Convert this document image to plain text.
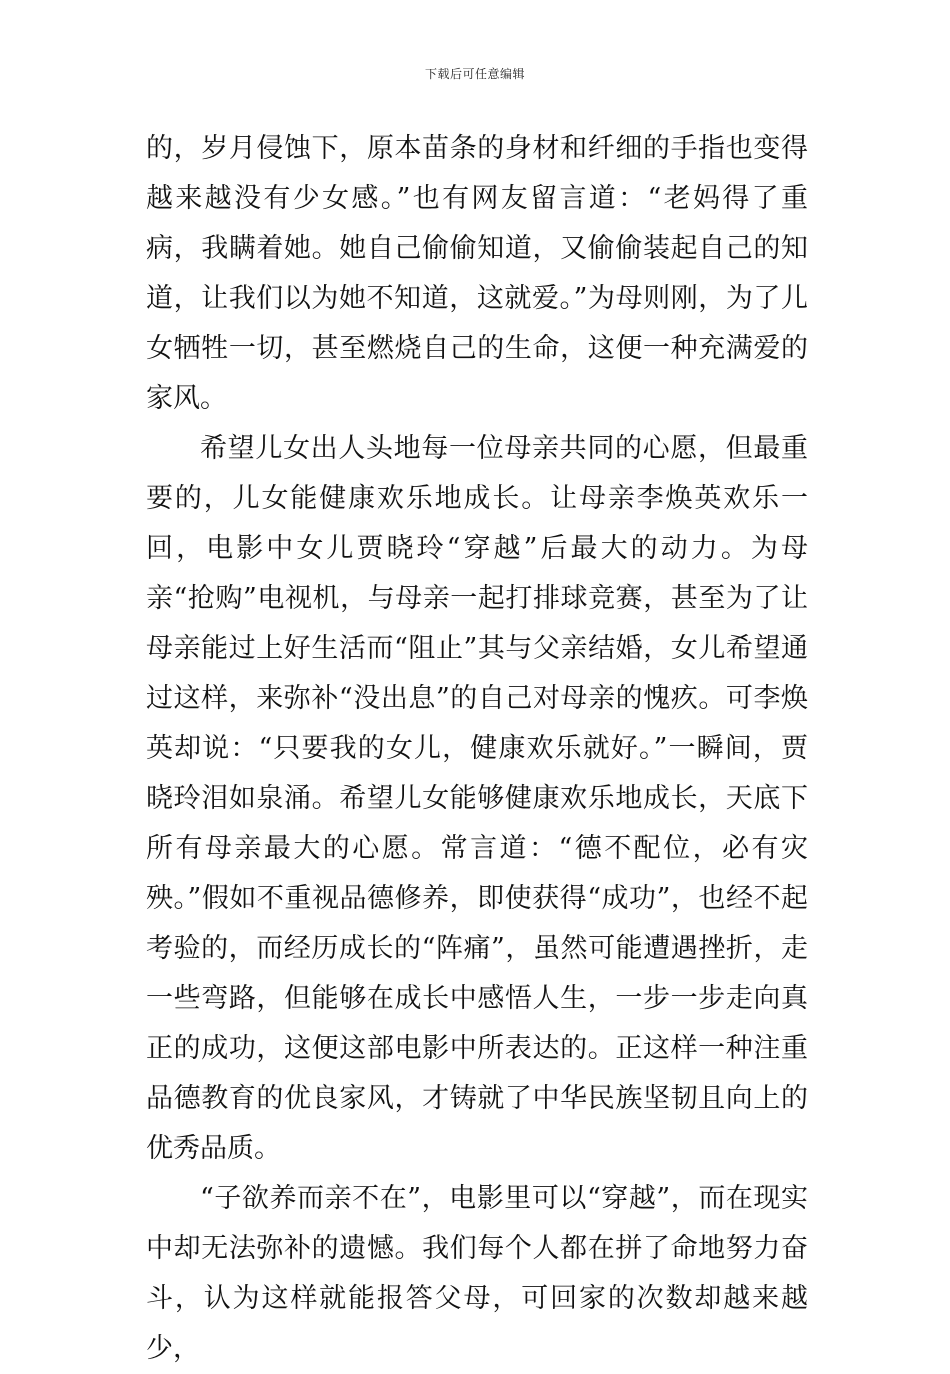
下载后可任意编辑

的，岁月侵蚀下，原本苗条的身材和纤细的手指也变得越来越没有少女感。”也有网友留言道：“老妈得了重病，我瞒着她。她自己偷偷知道，又偷偷装起自己的知道，让我们以为她不知道，这就爱。”为母则刚，为了儿女牺牲一切，甚至燃烧自己的生命，这便一种充满爱的家风。

希望儿女出人头地每一位母亲共同的心愿，但最重要的，儿女能健康欢乐地成长。让母亲李焕英欢乐一回，电影中女儿贾晓玲“穿越”后最大的动力。为母亲“抢购”电视机，与母亲一起打排球竞赛，甚至为了让母亲能过上好生活而“阻止”其与父亲结婚，女儿希望通过这样，来弥补“没出息”的自己对母亲的愧疚。可李焕英却说：“只要我的女儿，健康欢乐就好。”一瞬间，贾晓玲泪如泉涌。希望儿女能够健康欢乐地成长，天底下所有母亲最大的心愿。常言道：“德不配位，必有灾殃。”假如不重视品德修养，即使获得“成功”，也经不起考验的，而经历成长的“阵痛”，虽然可能遭遇挫折，走一些弯路，但能够在成长中感悟人生，一步一步走向真正的成功，这便这部电影中所表达的。正这样一种注重品德教育的优良家风，才铸就了中华民族坚韧且向上的优秀品质。

“子欲养而亲不在”，电影里可以“穿越”，而在现实中却无法弥补的遗憾。我们每个人都在拼了命地努力奋斗，认为这样就能报答父母，可回家的次数却越来越少，
